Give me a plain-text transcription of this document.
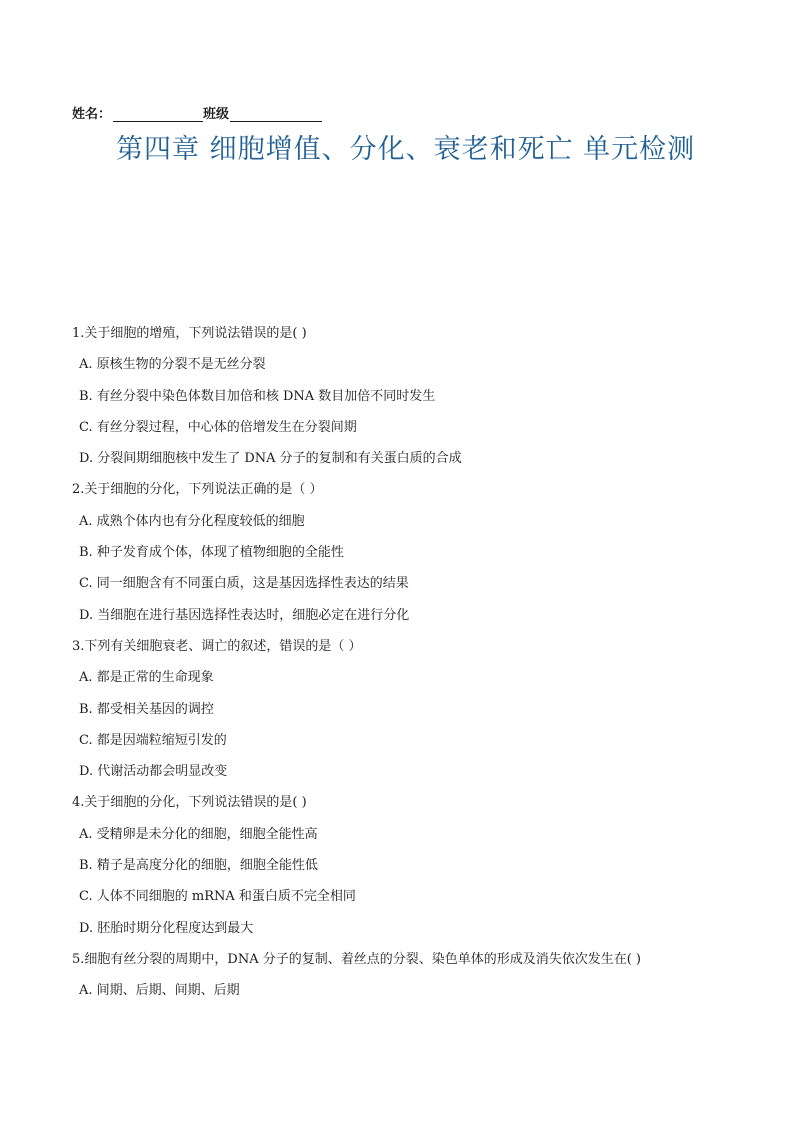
姓名：	班级
第四章 细胞增值、分化、衰老和死亡 单元检测
1.关于细胞的增殖，下列说法错误的是( )
A. 原核生物的分裂不是无丝分裂
B. 有丝分裂中染色体数目加倍和核 DNA 数目加倍不同时发生
C. 有丝分裂过程，中心体的倍增发生在分裂间期
D. 分裂间期细胞核中发生了 DNA 分子的复制和有关蛋白质的合成
2.关于细胞的分化，下列说法正确的是（ ）
A. 成熟个体内也有分化程度较低的细胞
B. 种子发育成个体，体现了植物细胞的全能性
C. 同一细胞含有不同蛋白质，这是基因选择性表达的结果
D. 当细胞在进行基因选择性表达时，细胞必定在进行分化
3.下列有关细胞衰老、调亡的叙述，错误的是（ ）
A. 都是正常的生命现象
B. 都受相关基因的调控
C. 都是因端粒缩短引发的
D. 代谢活动都会明显改变
4.关于细胞的分化，下列说法错误的是( )
A. 受精卵是未分化的细胞，细胞全能性高
B. 精子是高度分化的细胞，细胞全能性低
C. 人体不同细胞的 mRNA 和蛋白质不完全相同
D. 胚胎时期分化程度达到最大
5.细胞有丝分裂的周期中，DNA 分子的复制、着丝点的分裂、染色单体的形成及消失依次发生在( )
A. 间期、后期、间期、后期
